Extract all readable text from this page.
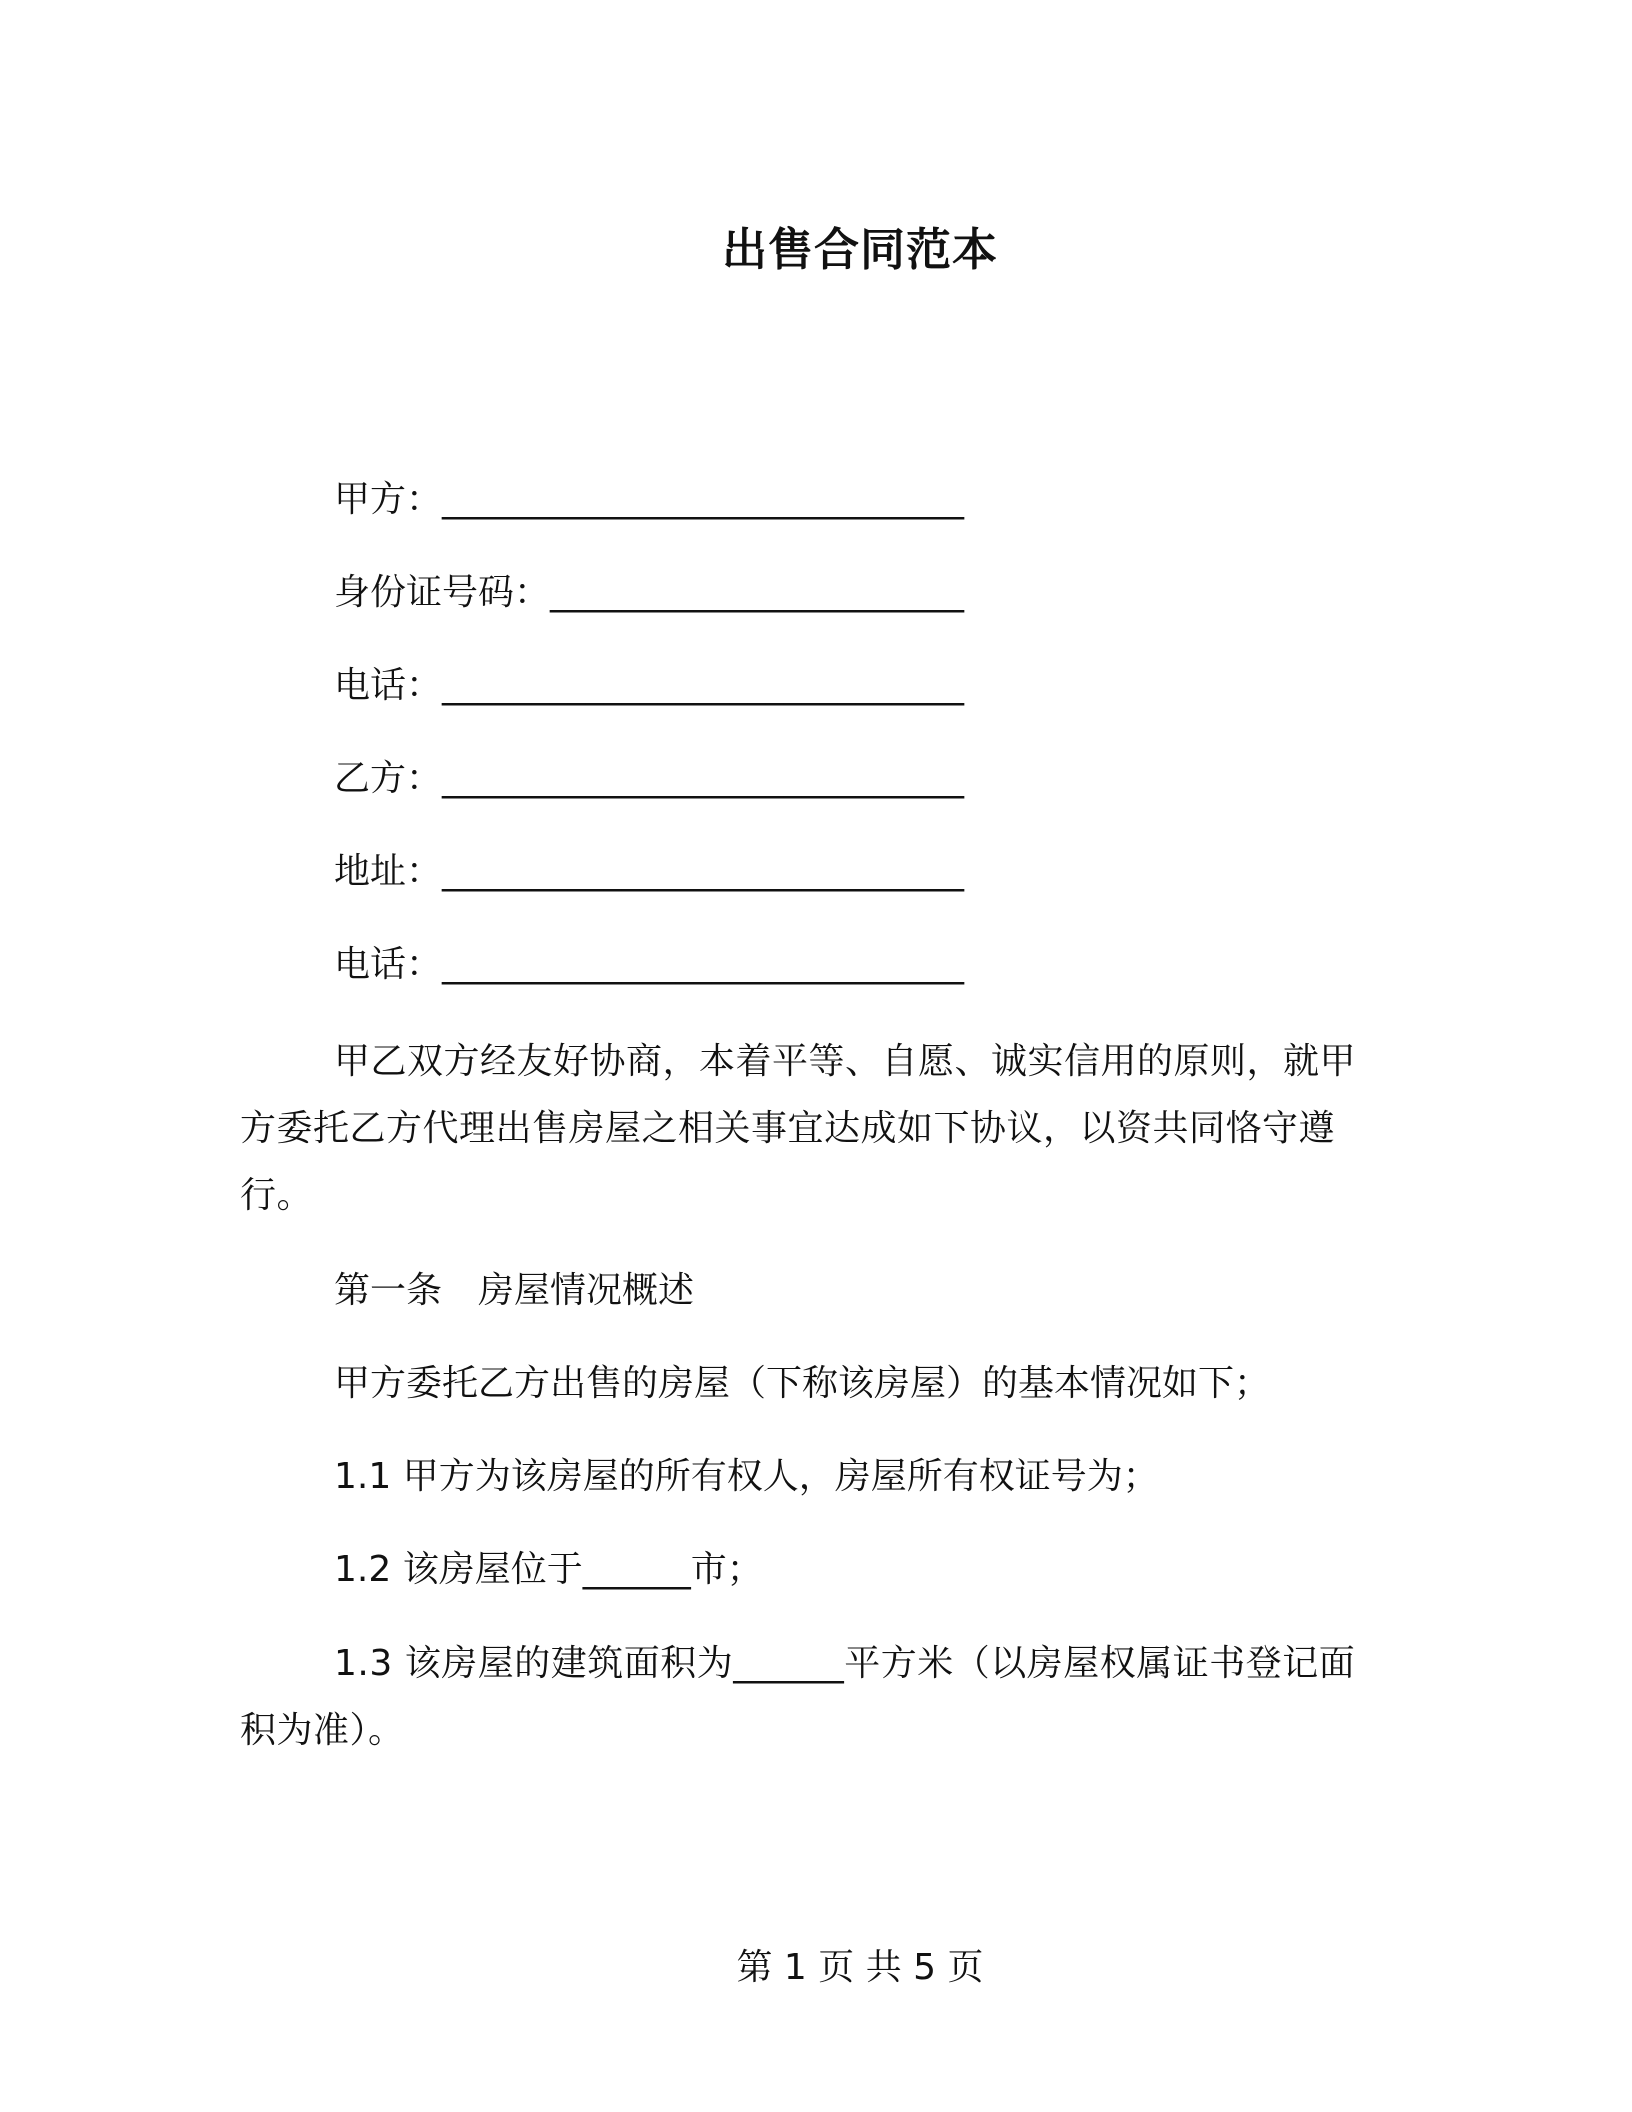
出售合同范本
甲方：_____________________________
身份证号码：_______________________
电话：_____________________________
乙方：_____________________________
地址：_____________________________
电话：_____________________________
甲乙双方经友好协商，本着平等、自愿、诚实信用的原则，就甲方委托乙方代理出售房屋之相关事宜达成如下协议，以资共同恪守遵行。
第一条　房屋情况概述
甲方委托乙方出售的房屋（下称该房屋）的基本情况如下；
1.1 甲方为该房屋的所有权人，房屋所有权证号为；
1.2 该房屋位于______市；
1.3 该房屋的建筑面积为______平方米（以房屋权属证书登记面积为准）。
第 1 页 共 5 页
